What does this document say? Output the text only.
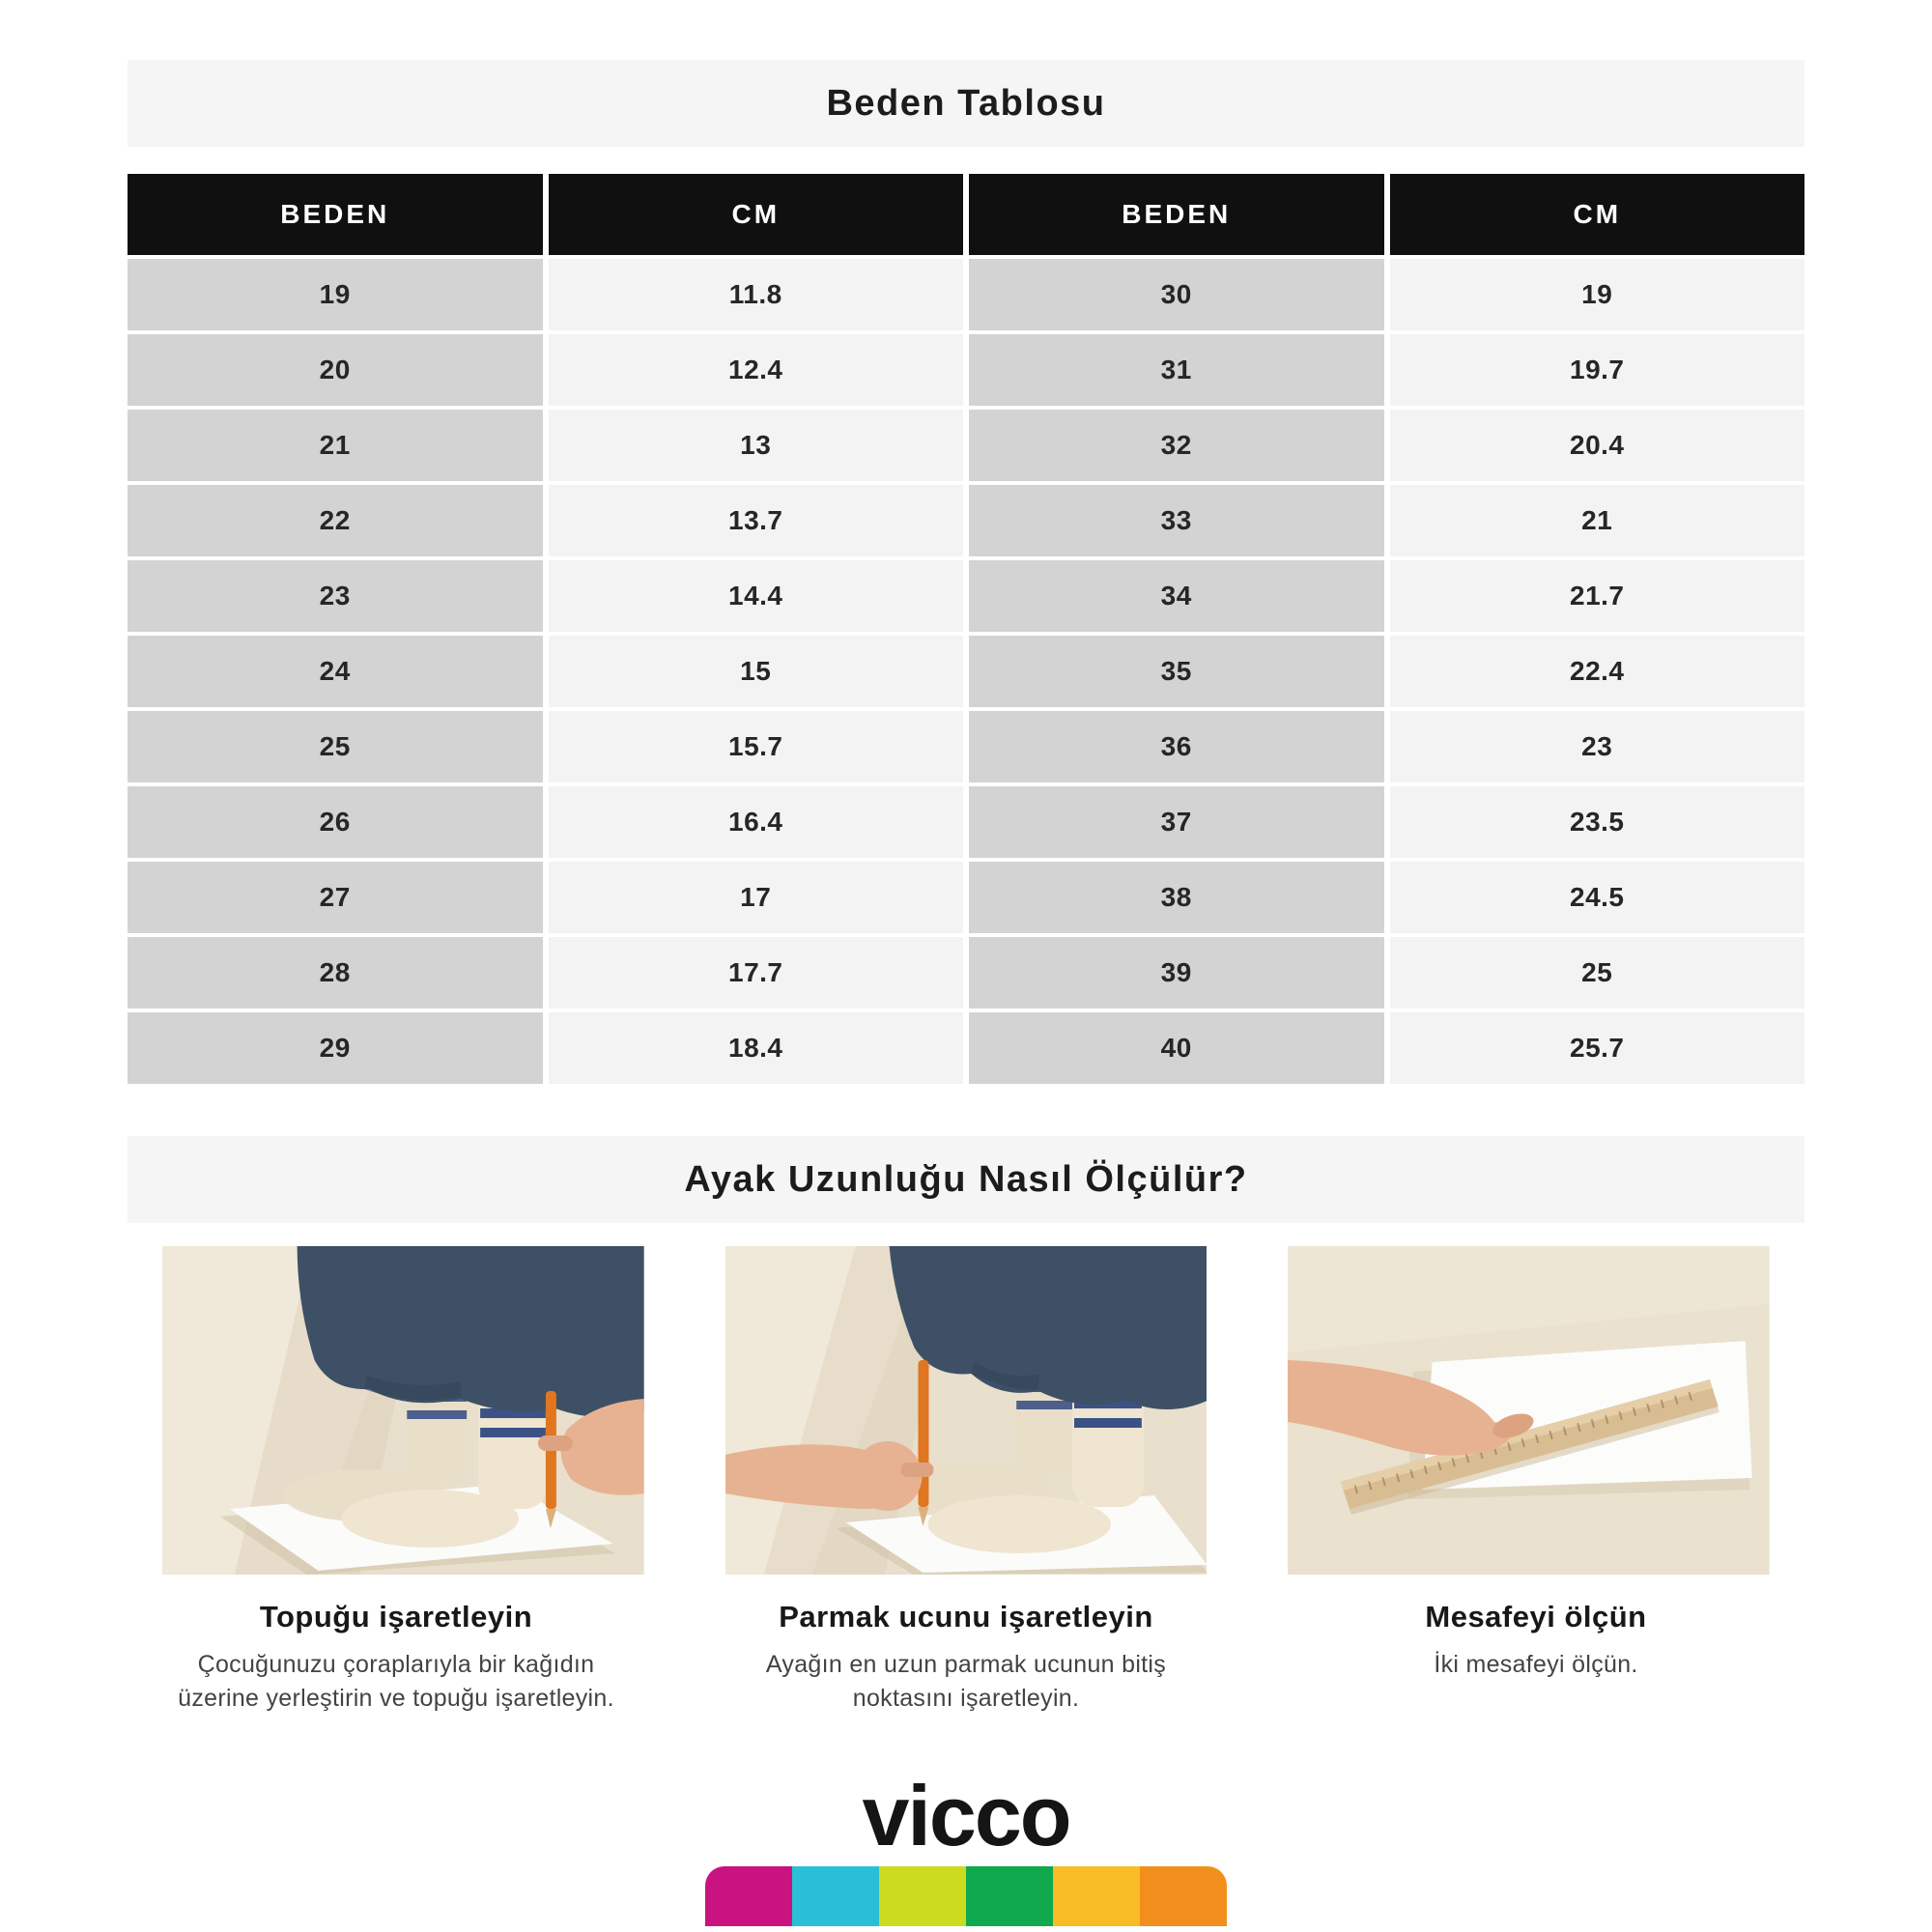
Beden Tablosu
BEDEN	CM	BEDEN	CM
19	11.8	30	19
20	12.4	31	19.7
21	13	32	20.4
22	13.7	33	21
23	14.4	34	21.7
24	15	35	22.4
25	15.7	36	23
26	16.4	37	23.5
27	17	38	24.5
28	17.7	39	25
29	18.4	40	25.7
Ayak Uzunluğu Nasıl Ölçülür?
Topuğu işaretleyin

Çocuğunuzu çoraplarıyla bir kağıdın üzerine yerleştirin ve topuğu işaretleyin.

Parmak ucunu işaretleyin

Ayağın en uzun parmak ucunun bitiş noktasını işaretleyin.

Mesafeyi ölçün

İki mesafeyi ölçün.

vicco
